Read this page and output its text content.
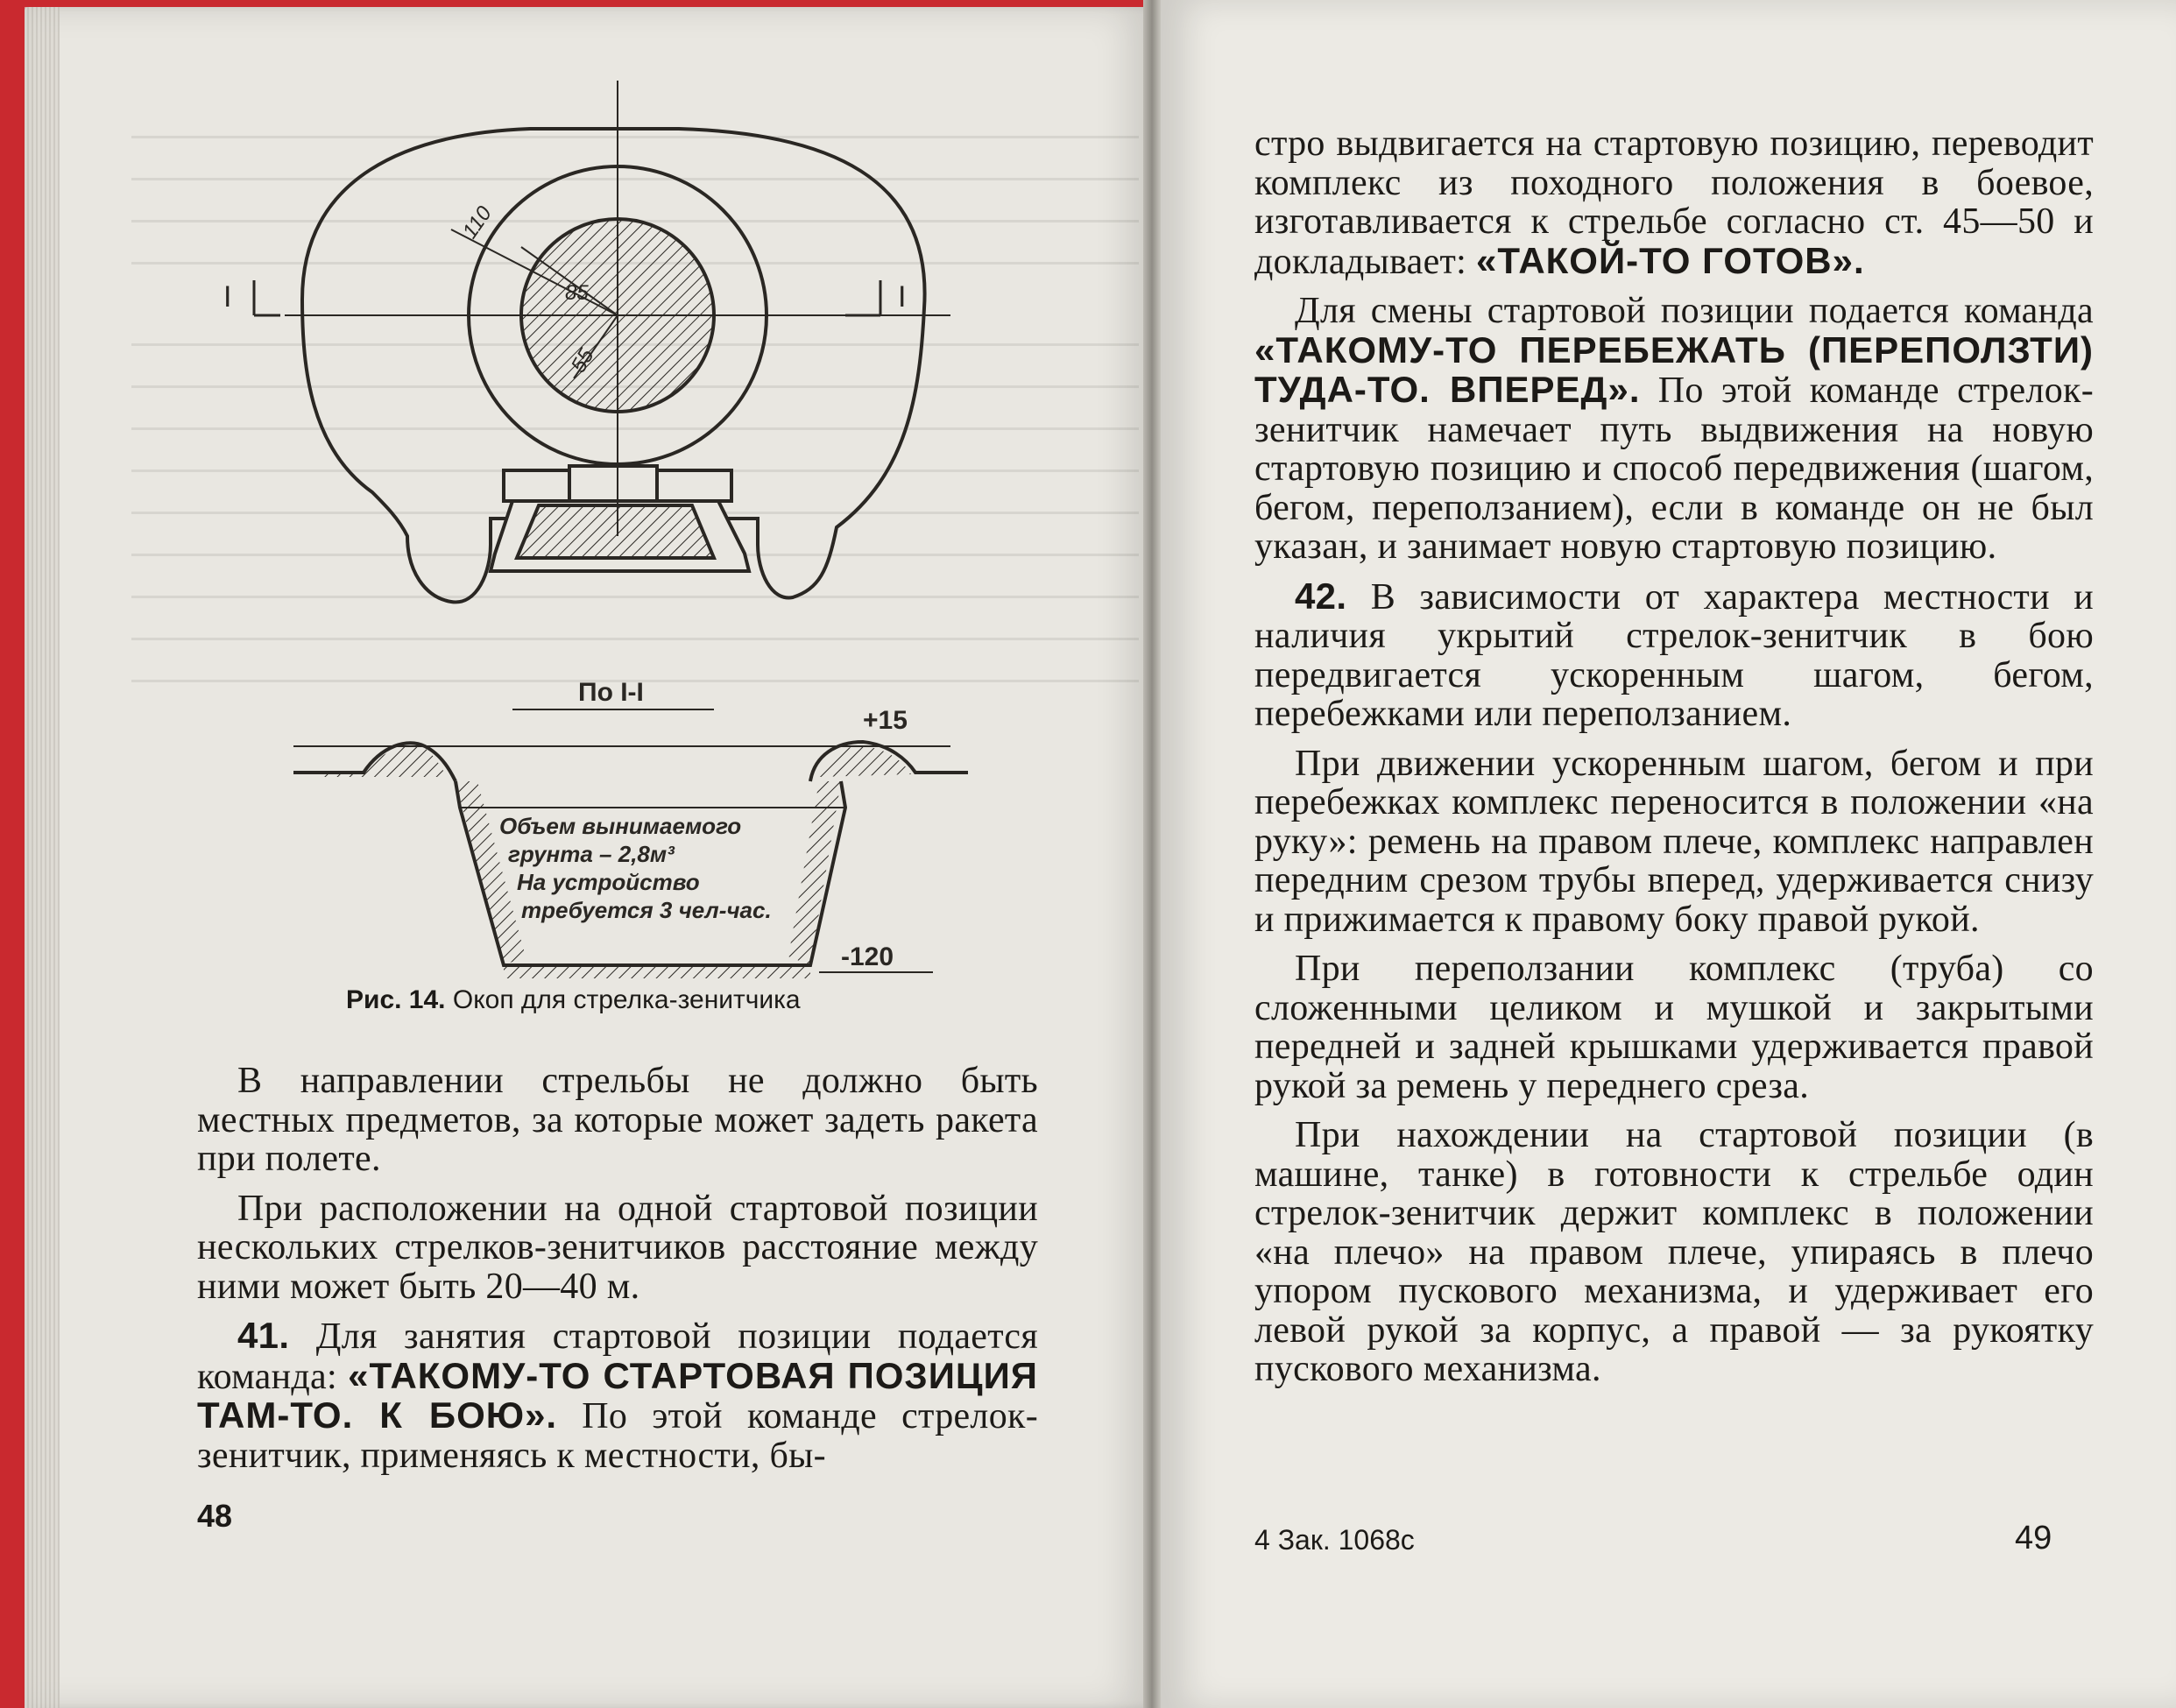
110
85
55
I	I
По I-I
+15
Объем вынимаемого
грунта – 2,8м³
На устройство
требуется 3 чел-час.
-120
Рис. 14. Окоп для стрелка-зенитчика

В направлении стрельбы не должно быть местных предметов, за которые может задеть ракета при полете.

При расположении на одной стартовой позиции нескольких стрелков-зенитчиков расстояние между ними может быть 20—40 м.

41. Для занятия стартовой позиции подается команда: «ТАКОМУ-ТО СТАРТОВАЯ ПОЗИЦИЯ ТАМ-ТО. К БОЮ». По этой команде стрелок-зенитчик, применяясь к местности, бы-

48

стро выдвигается на стартовую позицию, переводит комплекс из походного положения в боевое, изготавливается к стрельбе согласно ст. 45—50 и докладывает: «ТАКОЙ-ТО ГОТОВ».

Для смены стартовой позиции подается команда «ТАКОМУ-ТО ПЕРЕБЕЖАТЬ (ПЕРЕПОЛЗТИ) ТУДА-ТО. ВПЕРЕД». По этой команде стрелок-зенитчик намечает путь выдвижения на новую стартовую позицию и способ передвижения (шагом, бегом, переползанием), если в команде он не был указан, и занимает новую стартовую позицию.

42. В зависимости от характера местности и наличия укрытий стрелок-зенитчик в бою передвигается ускоренным шагом, бегом, перебежками или переползанием.

При движении ускоренным шагом, бегом и при перебежках комплекс переносится в положении «на руку»: ремень на правом плече, комплекс направлен передним срезом трубы вперед, удерживается снизу и прижимается к правому боку правой рукой.

При переползании комплекс (труба) со сложенными целиком и мушкой и закрытыми передней и задней крышками удерживается правой рукой за ремень у переднего среза.

При нахождении на стартовой позиции (в машине, танке) в готовности к стрельбе один стрелок-зенитчик держит комплекс в положении «на плечо» на правом плече, упираясь в плечо упором пускового механизма, и удерживает его левой рукой за корпус, а правой — за рукоятку пускового механизма.

4 Зак. 1068с	49
